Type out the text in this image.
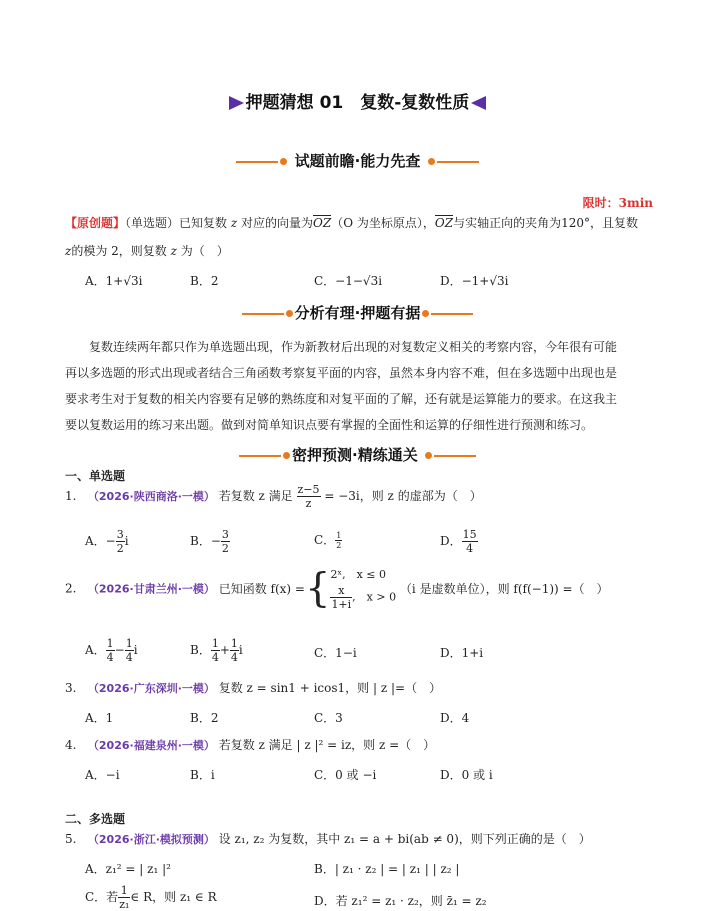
押题猜想 01　复数-复数性质
试题前瞻·能力先查
限时：3min
【原创题】（单选题）已知复数 z 对应的向量为OZ（O 为坐标原点），OZ与实轴正向的夹角为120°，且复数
z的模为 2，则复数 z 为（　）
A．1+√3i	B．2	C．−1−√3i	D．−1+√3i
分析有理·押题有据
复数连续两年都只作为单选题出现，作为新教材后出现的对复数定义相关的考察内容，今年很有可能
再以多选题的形式出现或者结合三角函数考察复平面的内容，虽然本身内容不难，但在多选题中出现也是
要求考生对于复数的相关内容要有足够的熟练度和对复平面的了解，还有就是运算能力的要求。在这我主
要以复数运用的练习来出题。做到对简单知识点要有掌握的全面性和运算的仔细性进行预测和练习。
密押预测·精练通关
一、单选题
1. （2026·陕西商洛·一模） 若复数 z 满足 $\frac{z-5}{z} = -3i$，则 z 的虚部为（　）
A．− $\frac{3}{2}$ i	B．− $\frac{3}{2}$	C． $\frac{1}{2}$	D． $\frac{15}{4}$
2. （2026·甘肃兰州·一模） 已知函数 f(x) ={ 2ˣ,　x ≤ 0
$\frac{x}{1+i}$ ,　x > 0
（i 是虚数单位），则 f(f(−1)) =（　）
A． $\frac{1}{4} - \frac{1}{4}$ i	B． $\frac{1}{4} + \frac{1}{4}$ i	C．1−i	D．1+i
3. （2026·广东深圳·一模） 复数 z = sin1 + icos1，则 | z |=（　）
A．1	B．2	C．3	D．4
4. （2026·福建泉州·一模） 若复数 z 满足 | z |² = iz，则 z =（　）
A．−i	B．i	C．0 或 −i	D．0 或 i
二、多选题
5. （2026·浙江·模拟预测） 设 z₁, z₂ 为复数，其中 z₁ = a + bi(ab ≠ 0)，则下列正确的是（　）
A．z₁² = | z₁ |²	B．| z₁ · z₂ | = | z₁ | | z₂ |
C．若 $\frac{1}{\text{z₁}}$ ∈ R，则 z₁ ∈ R	D．若 z₁² = z₁ · z₂，则 z̄₁ = z₂
